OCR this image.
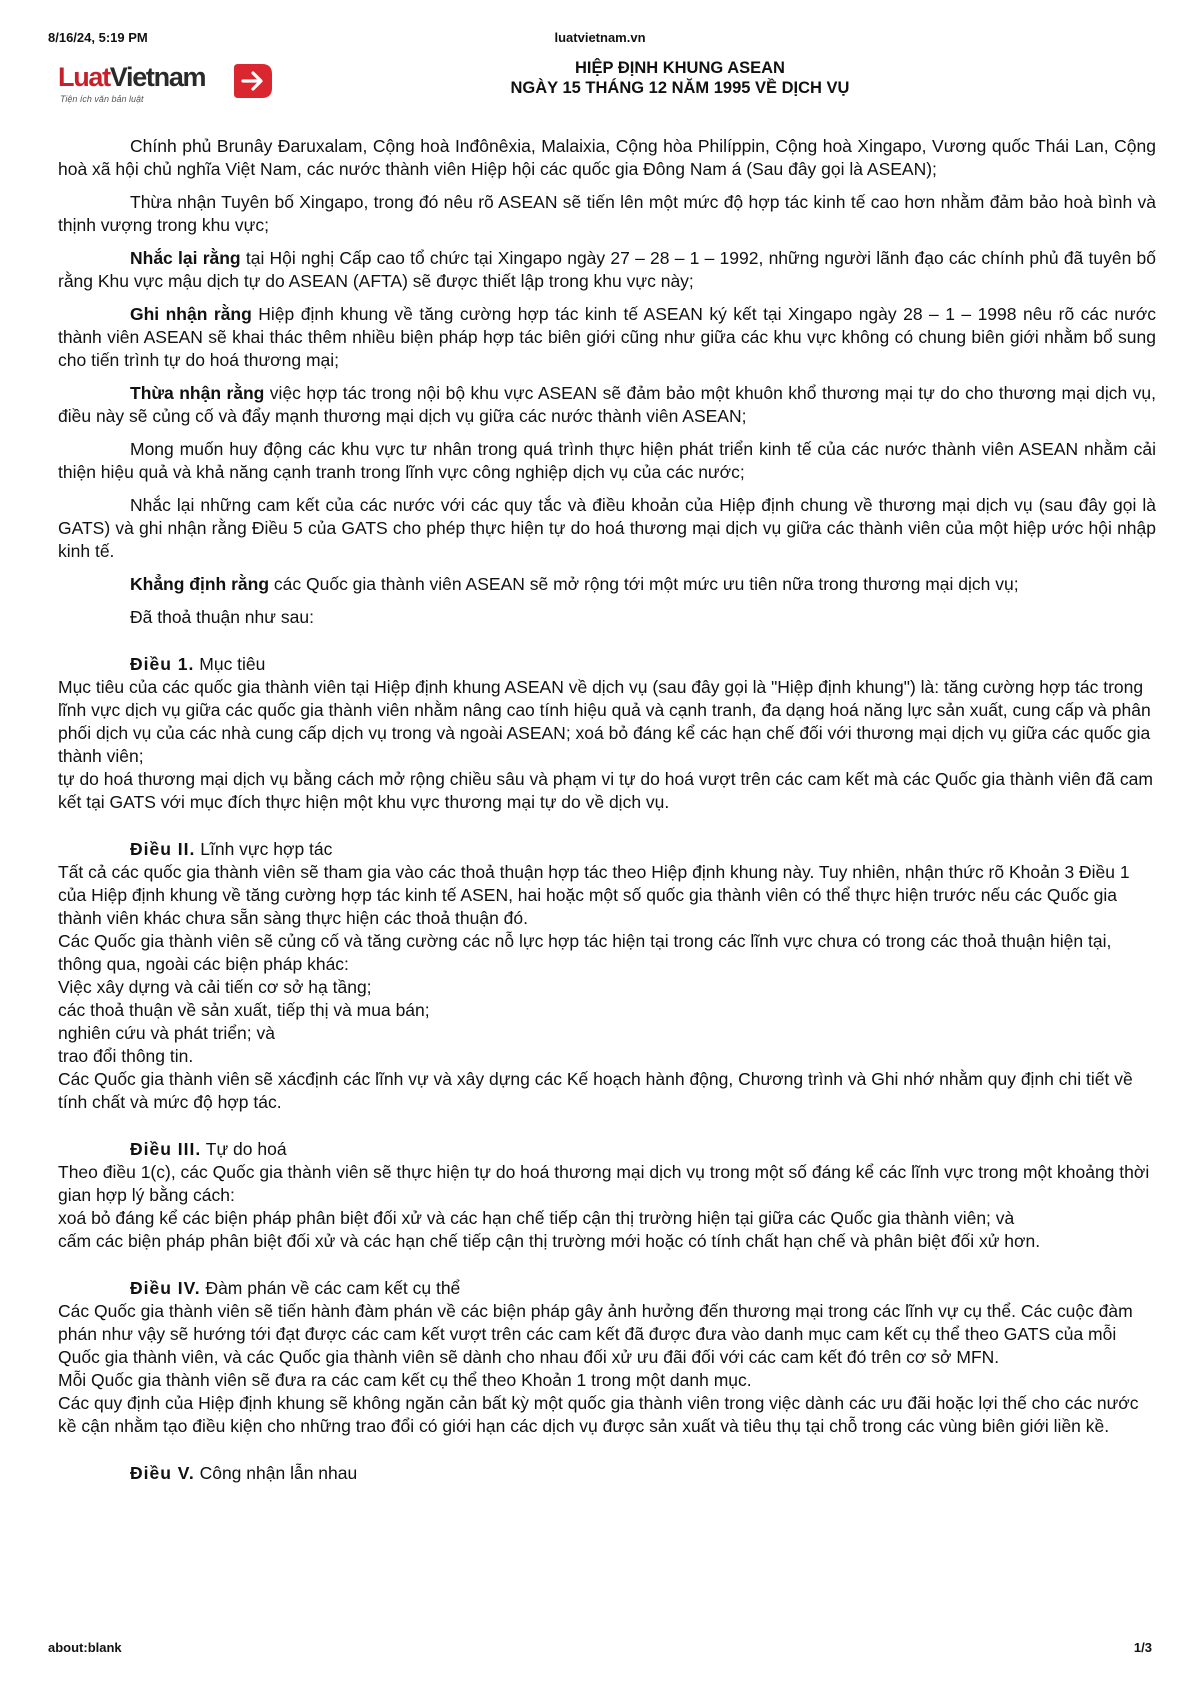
8/16/24, 5:19 PM	luatvietnam.vn
LuatVietnam
Tiện ích văn bản luật
HIỆP ĐỊNH KHUNG ASEAN
NGÀY 15 THÁNG 12 NĂM 1995 VỀ DỊCH VỤ

Chính phủ Brunây Đaruxalam, Cộng hoà Inđônêxia, Malaixia, Cộng hòa Philíppin, Cộng hoà Xingapo, Vương quốc Thái Lan, Cộng hoà xã hội chủ nghĩa Việt Nam, các nước thành viên Hiệp hội các quốc gia Đông Nam á (Sau đây gọi là ASEAN);

Thừa nhận Tuyên bố Xingapo, trong đó nêu rõ ASEAN sẽ tiến lên một mức độ hợp tác kinh tế cao hơn nhằm đảm bảo hoà bình và thịnh vượng trong khu vực;

Nhắc lại rằng tại Hội nghị Cấp cao tổ chức tại Xingapo ngày 27 – 28 – 1 – 1992, những người lãnh đạo các chính phủ đã tuyên bố rằng Khu vực mậu dịch tự do ASEAN (AFTA) sẽ được thiết lập trong khu vực này;

Ghi nhận rằng Hiệp định khung về tăng cường hợp tác kinh tế ASEAN ký kết tại Xingapo ngày 28 – 1 – 1998 nêu rõ các nước thành viên ASEAN sẽ khai thác thêm nhiều biện pháp hợp tác biên giới cũng như giữa các khu vực không có chung biên giới nhằm bổ sung cho tiến trình tự do hoá thương mại;

Thừa nhận rằng việc hợp tác trong nội bộ khu vực ASEAN sẽ đảm bảo một khuôn khổ thương mại tự do cho thương mại dịch vụ, điều này sẽ củng cố và đẩy mạnh thương mại dịch vụ giữa các nước thành viên ASEAN;

Mong muốn huy động các khu vực tư nhân trong quá trình thực hiện phát triển kinh tế của các nước thành viên ASEAN nhằm cải thiện hiệu quả và khả năng cạnh tranh trong lĩnh vực công nghiệp dịch vụ của các nước;

Nhắc lại những cam kết của các nước với các quy tắc và điều khoản của Hiệp định chung về thương mại dịch vụ (sau đây gọi là GATS) và ghi nhận rằng Điều 5 của GATS cho phép thực hiện tự do hoá thương mại dịch vụ giữa các thành viên của một hiệp ước hội nhập kinh tế.

Khẳng định rằng các Quốc gia thành viên ASEAN sẽ mở rộng tới một mức ưu tiên nữa trong thương mại dịch vụ;

Đã thoả thuận như sau:

Điều 1. Mục tiêu
Mục tiêu của các quốc gia thành viên tại Hiệp định khung ASEAN về dịch vụ (sau đây gọi là "Hiệp định khung") là: tăng cường hợp tác trong lĩnh vực dịch vụ giữa các quốc gia thành viên nhằm nâng cao tính hiệu quả và cạnh tranh, đa dạng hoá năng lực sản xuất, cung cấp và phân phối dịch vụ của các nhà cung cấp dịch vụ trong và ngoài ASEAN; xoá bỏ đáng kể các hạn chế đối với thương mại dịch vụ giữa các quốc gia thành viên;
tự do hoá thương mại dịch vụ bằng cách mở rộng chiều sâu và phạm vi tự do hoá vượt trên các cam kết mà các Quốc gia thành viên đã cam kết tại GATS với mục đích thực hiện một khu vực thương mại tự do về dịch vụ.
Điều II. Lĩnh vực hợp tác
Tất cả các quốc gia thành viên sẽ tham gia vào các thoả thuận hợp tác theo Hiệp định khung này. Tuy nhiên, nhận thức rõ Khoản 3 Điều 1 của Hiệp định khung về tăng cường hợp tác kinh tế ASEN, hai hoặc một số quốc gia thành viên có thể thực hiện trước nếu các Quốc gia thành viên khác chưa sẵn sàng thực hiện các thoả thuận đó.
Các Quốc gia thành viên sẽ củng cố và tăng cường các nỗ lực hợp tác hiện tại trong các lĩnh vực chưa có trong các thoả thuận hiện tại, thông qua, ngoài các biện pháp khác:
Việc xây dựng và cải tiến cơ sở hạ tầng;
các thoả thuận về sản xuất, tiếp thị và mua bán;
nghiên cứu và phát triển; và
trao đổi thông tin.
Các Quốc gia thành viên sẽ xácđịnh các lĩnh vự và xây dựng các Kế hoạch hành động, Chương trình và Ghi nhớ nhằm quy định chi tiết về tính chất và mức độ hợp tác.
Điều III. Tự do hoá
Theo điều 1(c), các Quốc gia thành viên sẽ thực hiện tự do hoá thương mại dịch vụ trong một số đáng kể các lĩnh vực trong một khoảng thời gian hợp lý bằng cách:
xoá bỏ đáng kể các biện pháp phân biệt đối xử và các hạn chế tiếp cận thị trường hiện tại giữa các Quốc gia thành viên; và
cấm các biện pháp phân biệt đối xử và các hạn chế tiếp cận thị trường mới hoặc có tính chất hạn chế và phân biệt đối xử hơn.
Điều IV. Đàm phán về các cam kết cụ thể
Các Quốc gia thành viên sẽ tiến hành đàm phán về các biện pháp gây ảnh hưởng đến thương mại trong các lĩnh vự cụ thể. Các cuộc đàm phán như vậy sẽ hướng tới đạt được các cam kết vượt trên các cam kết đã được đưa vào danh mục cam kết cụ thể theo GATS của mỗi Quốc gia thành viên, và các Quốc gia thành viên sẽ dành cho nhau đối xử ưu đãi đối với các cam kết đó trên cơ sở MFN.
Mỗi Quốc gia thành viên sẽ đưa ra các cam kết cụ thể theo Khoản 1 trong một danh mục.
Các quy định của Hiệp định khung sẽ không ngăn cản bất kỳ một quốc gia thành viên trong việc dành các ưu đãi hoặc lợi thế cho các nước kề cận nhằm tạo điều kiện cho những trao đổi có giới hạn các dịch vụ được sản xuất và tiêu thụ tại chỗ trong các vùng biên giới liền kề.
Điều V. Công nhận lẫn nhau
about:blank	1/3
